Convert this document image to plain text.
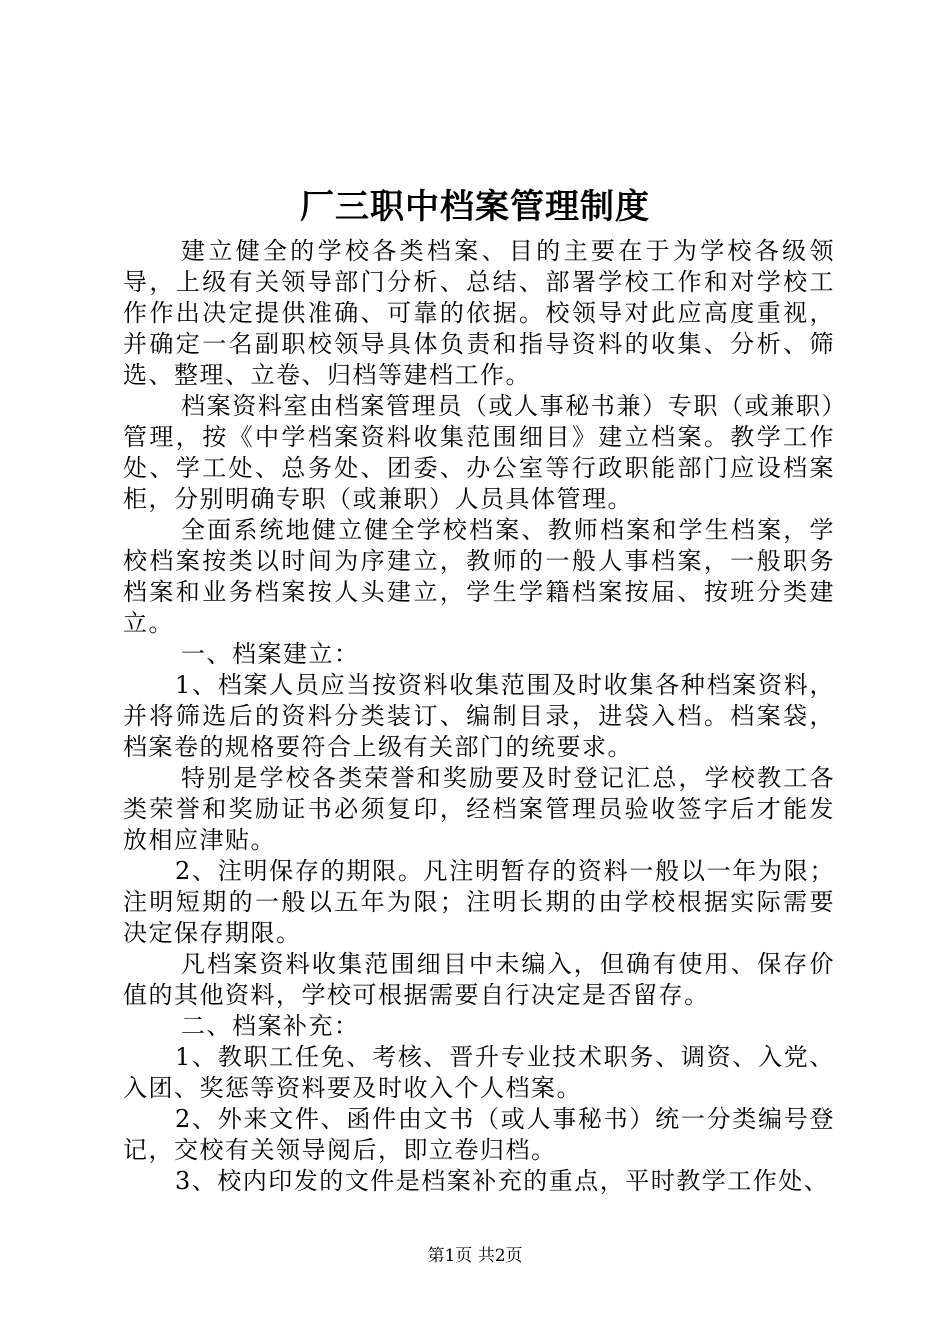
厂三职中档案管理制度

建立健全的学校各类档案、目的主要在于为学校各级领导，上级有关领导部门分析、总结、部署学校工作和对学校工作作出决定提供准确、可靠的依据。校领导对此应高度重视，并确定一名副职校领导具体负责和指导资料的收集、分析、筛选、整理、立卷、归档等建档工作。

档案资料室由档案管理员（或人事秘书兼）专职（或兼职）管理，按《中学档案资料收集范围细目》建立档案。教学工作处、学工处、总务处、团委、办公室等行政职能部门应设档案柜，分别明确专职（或兼职）人员具体管理。

全面系统地健立健全学校档案、教师档案和学生档案，学校档案按类以时间为序建立，教师的一般人事档案，一般职务档案和业务档案按人头建立，学生学籍档案按届、按班分类建立。

一、档案建立：

1、档案人员应当按资料收集范围及时收集各种档案资料，并将筛选后的资料分类装订、编制目录，进袋入档。档案袋，档案卷的规格要符合上级有关部门的统要求。

特别是学校各类荣誉和奖励要及时登记汇总，学校教工各类荣誉和奖励证书必须复印，经档案管理员验收签字后才能发放相应津贴。

2、注明保存的期限。凡注明暂存的资料一般以一年为限；注明短期的一般以五年为限；注明长期的由学校根据实际需要决定保存期限。

凡档案资料收集范围细目中未编入，但确有使用、保存价值的其他资料，学校可根据需要自行决定是否留存。

二、档案补充：

1、教职工任免、考核、晋升专业技术职务、调资、入党、入团、奖惩等资料要及时收入个人档案。

2、外来文件、函件由文书（或人事秘书）统一分类编号登记，交校有关领导阅后，即立卷归档。

3、校内印发的文件是档案补充的重点，平时教学工作处、

第1页 共2页
